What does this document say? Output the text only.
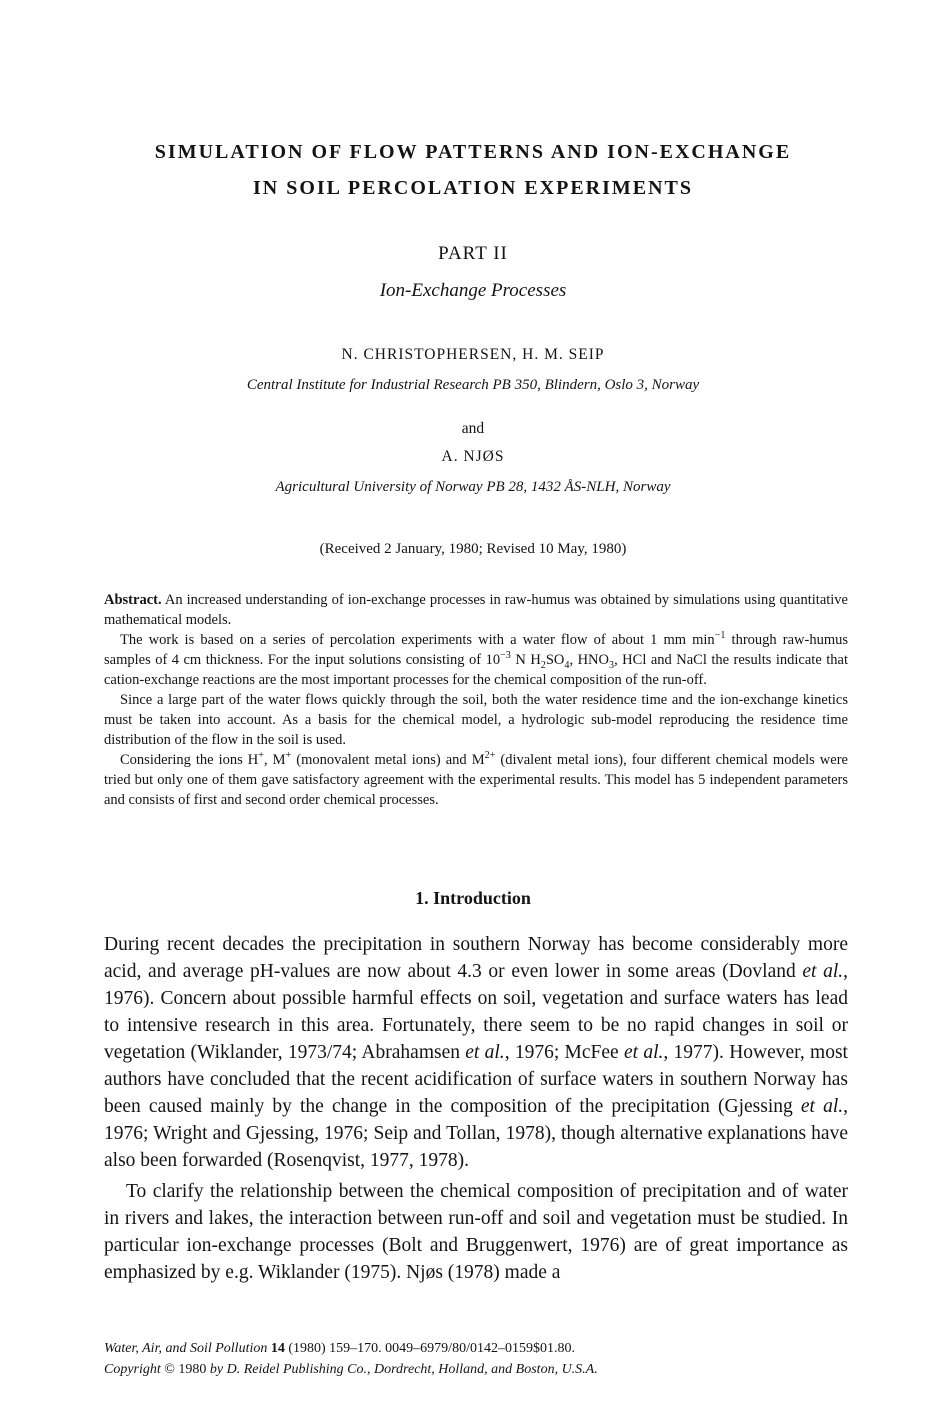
SIMULATION OF FLOW PATTERNS AND ION-EXCHANGE
IN SOIL PERCOLATION EXPERIMENTS
PART II
Ion-Exchange Processes
N. CHRISTOPHERSEN, H. M. SEIP
Central Institute for Industrial Research PB 350, Blindern, Oslo 3, Norway
and
A. NJØS
Agricultural University of Norway PB 28, 1432 ÅS-NLH, Norway
(Received 2 January, 1980; Revised 10 May, 1980)

Abstract. An increased understanding of ion-exchange processes in raw-humus was obtained by simulations using quantitative mathematical models.

The work is based on a series of percolation experiments with a water flow of about 1 mm $\min^{-1}$ through raw-humus samples of 4 cm thickness. For the input solutions consisting of $10^{-3}$ N $H_2SO_4$, $HNO_3$, HCl and NaCl the results indicate that cation-exchange reactions are the most important processes for the chemical composition of the run-off.

Since a large part of the water flows quickly through the soil, both the water residence time and the ion-exchange kinetics must be taken into account. As a basis for the chemical model, a hydrologic sub-model reproducing the residence time distribution of the flow in the soil is used.

Considering the ions H+, M+ (monovalent metal ions) and $M^{2+}$ (divalent metal ions), four different chemical models were tried but only one of them gave satisfactory agreement with the experimental results. This model has 5 independent parameters and consists of first and second order chemical processes.

1. Introduction

During recent decades the precipitation in southern Norway has become considerably more acid, and average pH-values are now about 4.3 or even lower in some areas (Dovland et al., 1976). Concern about possible harmful effects on soil, vegetation and surface waters has lead to intensive research in this area. Fortunately, there seem to be no rapid changes in soil or vegetation (Wiklander, 1973/74; Abrahamsen et al., 1976; McFee et al., 1977). However, most authors have concluded that the recent acidification of surface waters in southern Norway has been caused mainly by the change in the composition of the precipitation (Gjessing et al., 1976; Wright and Gjessing, 1976; Seip and Tollan, 1978), though alternative explanations have also been forwarded (Rosenqvist, 1977, 1978).

To clarify the relationship between the chemical composition of precipitation and of water in rivers and lakes, the interaction between run-off and soil and vegetation must be studied. In particular ion-exchange processes (Bolt and Bruggenwert, 1976) are of great importance as emphasized by e.g. Wiklander (1975). Njøs (1978) made a

Water, Air, and Soil Pollution 14 (1980) 159–170. 0049–6979/80/0142–0159$01.80.
Copyright © 1980 by D. Reidel Publishing Co., Dordrecht, Holland, and Boston, U.S.A.
